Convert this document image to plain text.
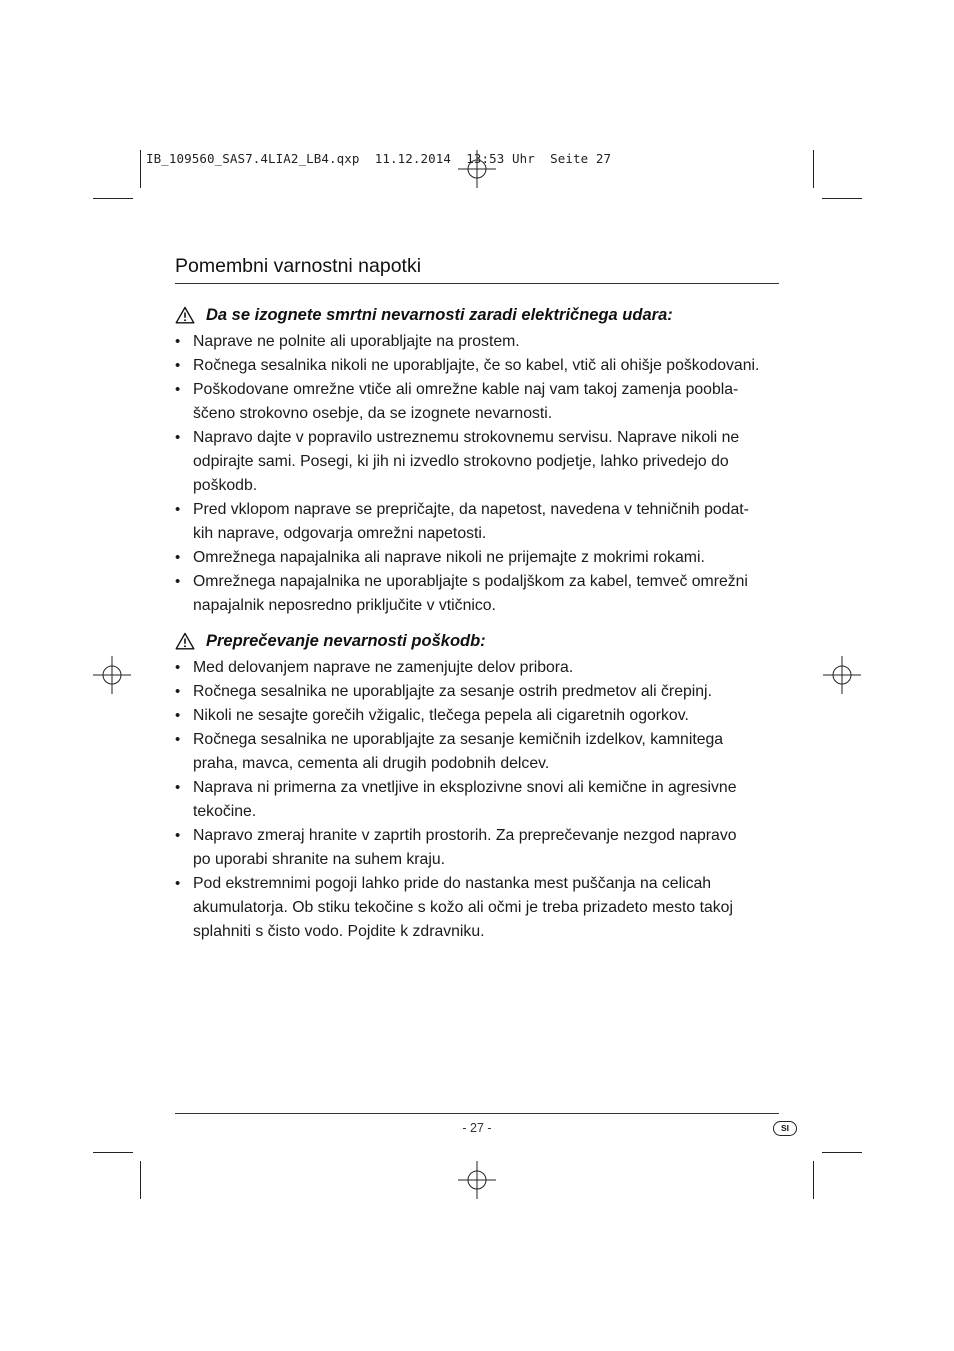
IB_109560_SAS7.4LIA2_LB4.qxp  11.12.2014  13:53 Uhr  Seite 27
Pomembni varnostni napotki
Da se izognete smrtni nevarnosti zaradi električnega udara:
• Naprave ne polnite ali uporabljajte na prostem.
• Ročnega sesalnika nikoli ne uporabljajte, če so kabel, vtič ali ohišje poškodovani.
• Poškodovane omrežne vtiče ali omrežne kable naj vam takoj zamenja poobla-
ščeno strokovno osebje, da se izognete nevarnosti.
• Napravo dajte v popravilo ustreznemu strokovnemu servisu. Naprave nikoli ne
odpirajte sami. Posegi, ki jih ni izvedlo strokovno podjetje, lahko privedejo do
poškodb.
• Pred vklopom naprave se prepričajte, da napetost, navedena v tehničnih podat-
kih naprave, odgovarja omrežni napetosti.
• Omrežnega napajalnika ali naprave nikoli ne prijemajte z mokrimi rokami.
• Omrežnega napajalnika ne uporabljajte s podaljškom za kabel, temveč omrežni
napajalnik neposredno priključite v vtičnico.
Preprečevanje nevarnosti poškodb:
• Med delovanjem naprave ne zamenjujte delov pribora.
• Ročnega sesalnika ne uporabljajte za sesanje ostrih predmetov ali črepinj.
• Nikoli ne sesajte gorečih vžigalic, tlečega pepela ali cigaretnih ogorkov.
• Ročnega sesalnika ne uporabljajte za sesanje kemičnih izdelkov, kamnitega
praha, mavca, cementa ali drugih podobnih delcev.
• Naprava ni primerna za vnetljive in eksplozivne snovi ali kemične in agresivne
tekočine.
• Napravo zmeraj hranite v zaprtih prostorih. Za preprečevanje nezgod napravo
po uporabi shranite na suhem kraju.
• Pod ekstremnimi pogoji lahko pride do nastanka mest puščanja na celicah
akumulatorja. Ob stiku tekočine s kožo ali očmi je treba prizadeto mesto takoj
splahniti s čisto vodo. Pojdite k zdravniku.
- 27 -	SI
